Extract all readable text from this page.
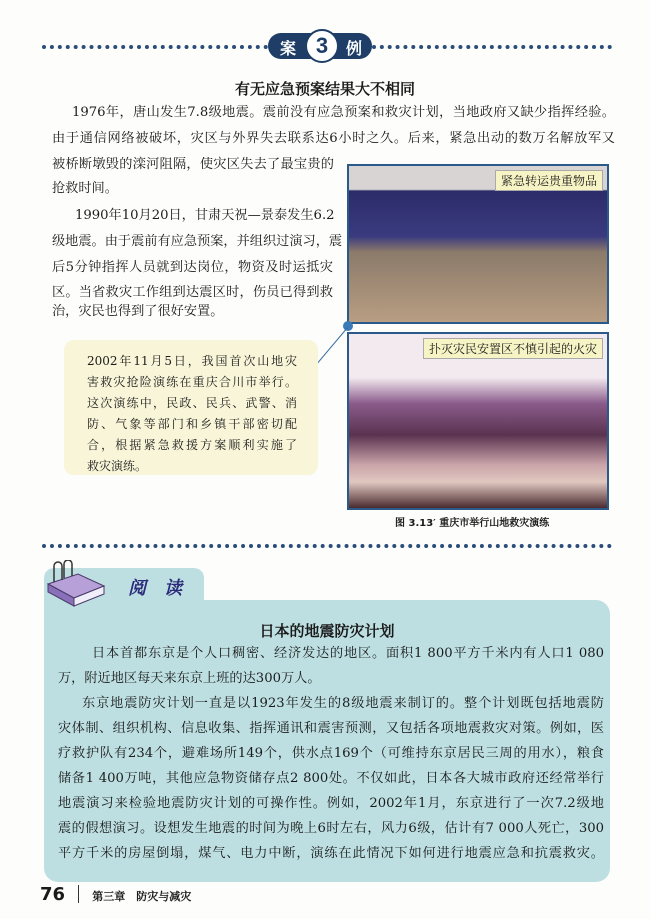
案 3	例
有无应急预案结果大不相同
1976年，唐山发生7.8级地震。震前没有应急预案和救灾计划，当地政府又缺少指挥经验。
由于通信网络被破坏，灾区与外界失去联系达6小时之久。后来，紧急出动的数万名解放军又
被桥断墩毁的滦河阻隔，使灾区失去了最宝贵的
抢救时间。
1990年10月20日，甘肃天祝—景泰发生6.2
级地震。由于震前有应急预案，并组织过演习，震
后5分钟指挥人员就到达岗位，物资及时运抵灾
区。当省救灾工作组到达震区时，伤员已得到救
治，灾民也得到了很好安置。
紧急转运贵重物品
扑灭灾民安置区不慎引起的火灾
2002年11月5日，我国首次山地灾
害救灾抢险演练在重庆合川市举行。
这次演练中，民政、民兵、武警、消
防、气象等部门和乡镇干部密切配
合，根据紧急救援方案顺利实施了
救灾演练。
图 3.13′ 重庆市举行山地救灾演练
阅　读
日本的地震防灾计划
日本首都东京是个人口稠密、经济发达的地区。面积1 800平方千米内有人口1 080
万，附近地区每天来东京上班的达300万人。
东京地震防灾计划一直是以1923年发生的8级地震来制订的。整个计划既包括地震防
灾体制、组织机构、信息收集、指挥通讯和震害预测，又包括各项地震救灾对策。例如，医
疗救护队有234个，避难场所149个，供水点169个（可维持东京居民三周的用水），粮食
储备1 400万吨，其他应急物资储存点2 800处。不仅如此，日本各大城市政府还经常举行
地震演习来检验地震防灾计划的可操作性。例如，2002年1月，东京进行了一次7.2级地
震的假想演习。设想发生地震的时间为晚上6时左右，风力6级，估计有7 000人死亡，300
平方千米的房屋倒塌，煤气、电力中断，演练在此情况下如何进行地震应急和抗震救灾。
76 第三章　防灾与减灾
